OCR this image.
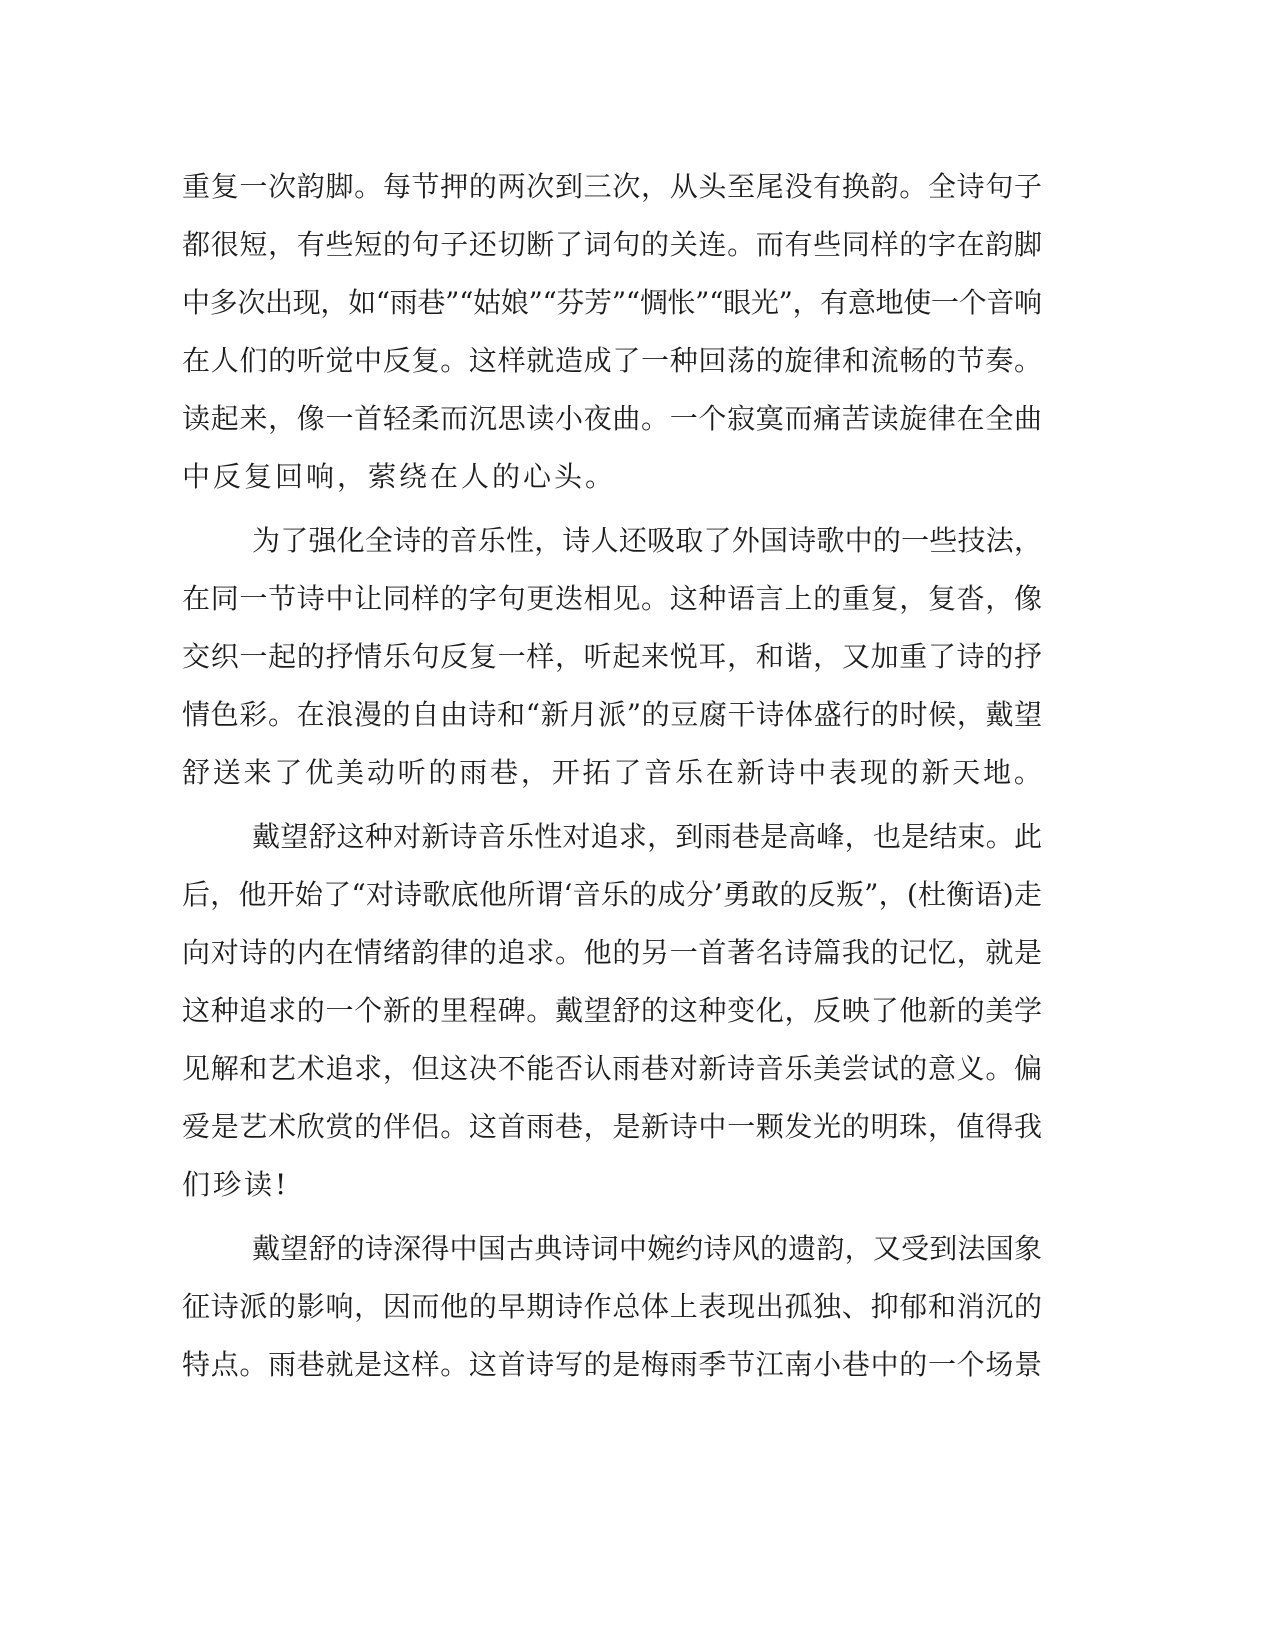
重复一次韵脚。每节押的两次到三次，从头至尾没有换韵。全诗句子
都很短，有些短的句子还切断了词句的关连。而有些同样的字在韵脚
中多次出现，如“雨巷”“姑娘”“芬芳”“惆怅”“眼光”，有意地使一个音响
在人们的听觉中反复。这样就造成了一种回荡的旋律和流畅的节奏。
读起来，像一首轻柔而沉思读小夜曲。一个寂寞而痛苦读旋律在全曲
中反复回响，萦绕在人的心头。
为了强化全诗的音乐性，诗人还吸取了外国诗歌中的一些技法，
在同一节诗中让同样的字句更迭相见。这种语言上的重复，复沓，像
交织一起的抒情乐句反复一样，听起来悦耳，和谐，又加重了诗的抒
情色彩。在浪漫的自由诗和“新月派”的豆腐干诗体盛行的时候，戴望
舒送来了优美动听的雨巷，开拓了音乐在新诗中表现的新天地。
戴望舒这种对新诗音乐性对追求，到雨巷是高峰，也是结束。此
后，他开始了“对诗歌底他所谓‘音乐的成分’勇敢的反叛”，(杜衡语)走
向对诗的内在情绪韵律的追求。他的另一首著名诗篇我的记忆，就是
这种追求的一个新的里程碑。戴望舒的这种变化，反映了他新的美学
见解和艺术追求，但这决不能否认雨巷对新诗音乐美尝试的意义。偏
爱是艺术欣赏的伴侣。这首雨巷，是新诗中一颗发光的明珠，值得我
们珍读!
戴望舒的诗深得中国古典诗词中婉约诗风的遗韵，又受到法国象
征诗派的影响，因而他的早期诗作总体上表现出孤独、抑郁和消沉的
特点。雨巷就是这样。这首诗写的是梅雨季节江南小巷中的一个场景
